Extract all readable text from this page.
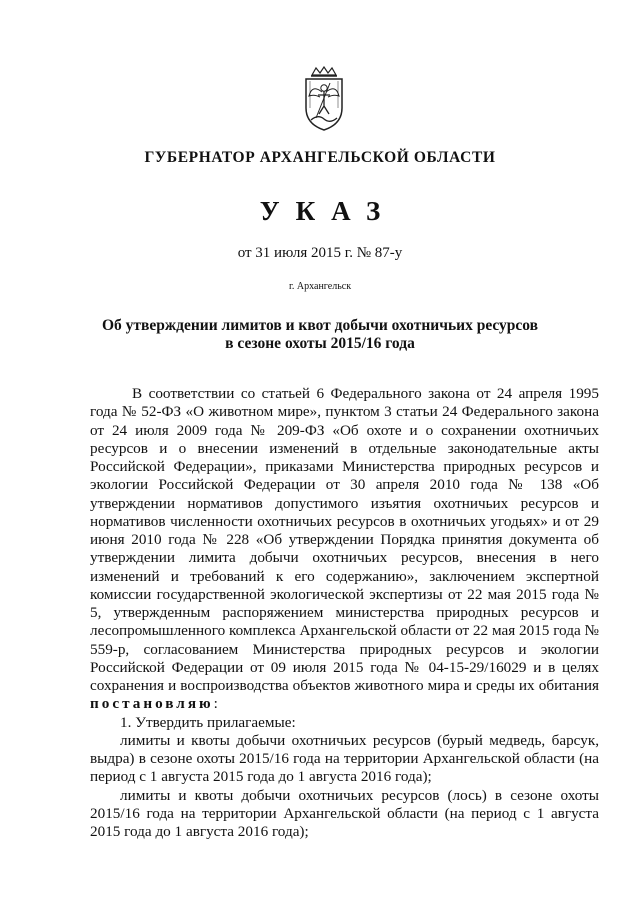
ГУБЕРНАТОР АРХАНГЕЛЬСКОЙ ОБЛАСТИ
УКАЗ
от 31 июля 2015 г. № 87-у
г. Архангельск
Об утверждении лимитов и квот добычи охотничьих ресурсов
в сезоне охоты 2015/16 года

В соответствии со статьей 6 Федерального закона от 24 апреля 1995 года № 52-ФЗ «О животном мире», пунктом 3 статьи 24 Федерального закона от 24 июля 2009 года № 209-ФЗ «Об охоте и о сохранении охотничьих ресурсов и о внесении изменений в отдельные законодательные акты Российской Федерации», приказами Министерства природных ресурсов и экологии Российской Федерации от 30 апреля 2010 года № 138 «Об утверждении нормативов допустимого изъятия охотничьих ресурсов и нормативов численности охотничьих ресурсов в охотничьих угодьях» и от 29 июня 2010 года № 228 «Об утверждении Порядка принятия документа об утверждении лимита добычи охотничьих ресурсов, внесения в него изменений и требований к его содержанию», заключением экспертной комиссии государственной экологической экспертизы от 22 мая 2015 года № 5, утвержденным распоряжением министерства природных ресурсов и лесопромышленного комплекса Архангельской области от 22 мая 2015 года № 559-р, согласованием Министерства природных ресурсов и экологии Российской Федерации от 09 июля 2015 года № 04-15-29/16029 и в целях сохранения и воспроизводства объектов животного мира и среды их обитания постановляю:

1. Утвердить прилагаемые:

лимиты и квоты добычи охотничьих ресурсов (бурый медведь, барсук, выдра) в сезоне охоты 2015/16 года на территории Архангельской области (на период с 1 августа 2015 года до 1 августа 2016 года);

лимиты и квоты добычи охотничьих ресурсов (лось) в сезоне охоты 2015/16 года на территории Архангельской области (на период с 1 августа 2015 года до 1 августа 2016 года);
